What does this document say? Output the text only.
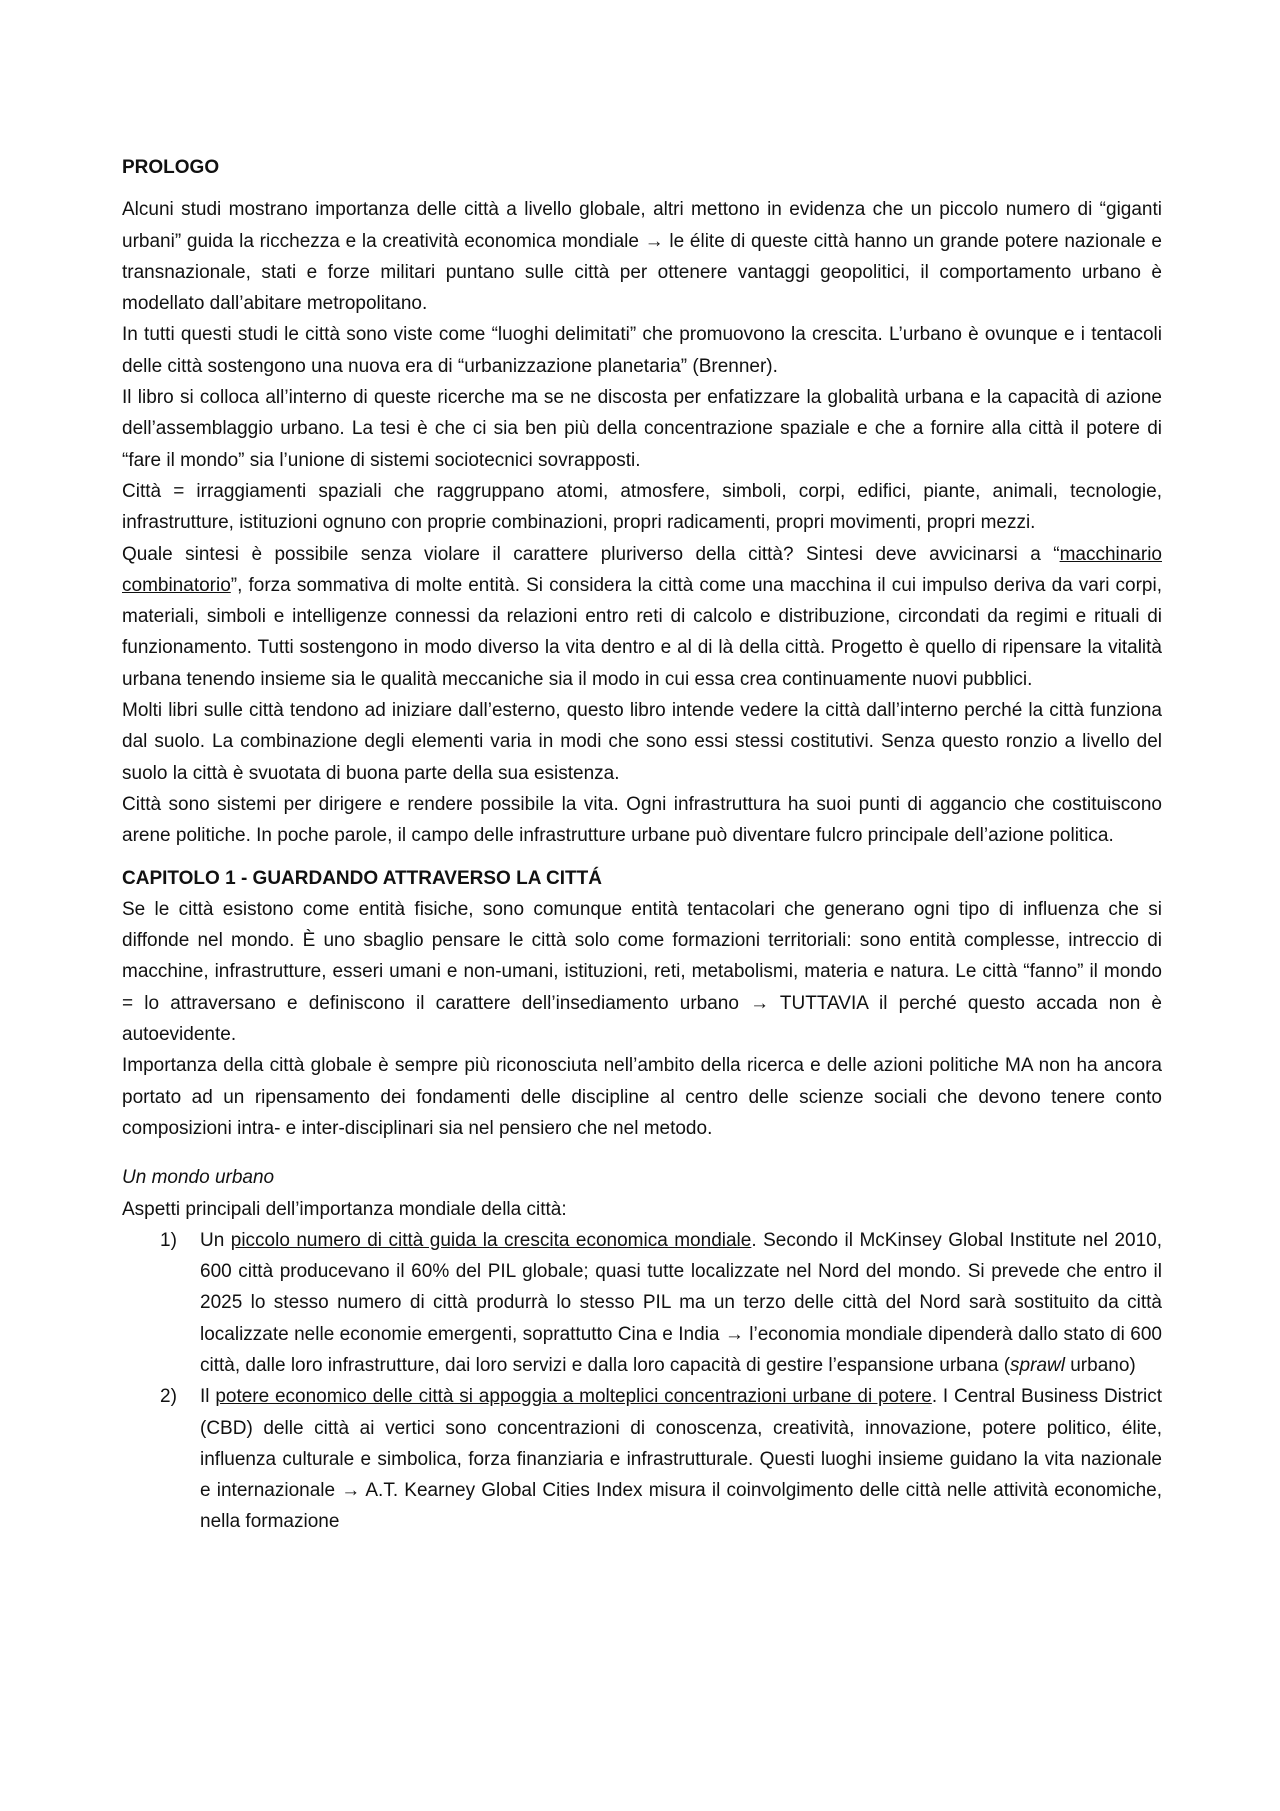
PROLOGO

Alcuni studi mostrano importanza delle città a livello globale, altri mettono in evidenza che un piccolo numero di “giganti urbani” guida la ricchezza e la creatività economica mondiale → le élite di queste città hanno un grande potere nazionale e transnazionale, stati e forze militari puntano sulle città per ottenere vantaggi geopolitici, il comportamento urbano è modellato dall’abitare metropolitano.

In tutti questi studi le città sono viste come “luoghi delimitati” che promuovono la crescita. L’urbano è ovunque e i tentacoli delle città sostengono una nuova era di “urbanizzazione planetaria” (Brenner).

Il libro si colloca all’interno di queste ricerche ma se ne discosta per enfatizzare la globalità urbana e la capacità di azione dell’assemblaggio urbano. La tesi è che ci sia ben più della concentrazione spaziale e che a fornire alla città il potere di “fare il mondo” sia l’unione di sistemi sociotecnici sovrapposti.

Città = irraggiamenti spaziali che raggruppano atomi, atmosfere, simboli, corpi, edifici, piante, animali, tecnologie, infrastrutture, istituzioni ognuno con proprie combinazioni, propri radicamenti, propri movimenti, propri mezzi.

Quale sintesi è possibile senza violare il carattere pluriverso della città? Sintesi deve avvicinarsi a “macchinario combinatorio”, forza sommativa di molte entità. Si considera la città come una macchina il cui impulso deriva da vari corpi, materiali, simboli e intelligenze connessi da relazioni entro reti di calcolo e distribuzione, circondati da regimi e rituali di funzionamento. Tutti sostengono in modo diverso la vita dentro e al di là della città. Progetto è quello di ripensare la vitalità urbana tenendo insieme sia le qualità meccaniche sia il modo in cui essa crea continuamente nuovi pubblici.

Molti libri sulle città tendono ad iniziare dall’esterno, questo libro intende vedere la città dall’interno perché la città funziona dal suolo. La combinazione degli elementi varia in modi che sono essi stessi costitutivi. Senza questo ronzio a livello del suolo la città è svuotata di buona parte della sua esistenza.

Città sono sistemi per dirigere e rendere possibile la vita. Ogni infrastruttura ha suoi punti di aggancio che costituiscono arene politiche. In poche parole, il campo delle infrastrutture urbane può diventare fulcro principale dell’azione politica.

CAPITOLO 1 - GUARDANDO ATTRAVERSO LA CITTÁ

Se le città esistono come entità fisiche, sono comunque entità tentacolari che generano ogni tipo di influenza che si diffonde nel mondo. È uno sbaglio pensare le città solo come formazioni territoriali: sono entità complesse, intreccio di macchine, infrastrutture, esseri umani e non-umani, istituzioni, reti, metabolismi, materia e natura. Le città “fanno” il mondo = lo attraversano e definiscono il carattere dell’insediamento urbano → TUTTAVIA il perché questo accada non è autoevidente.

Importanza della città globale è sempre più riconosciuta nell’ambito della ricerca e delle azioni politiche MA non ha ancora portato ad un ripensamento dei fondamenti delle discipline al centro delle scienze sociali che devono tenere conto composizioni intra- e inter-disciplinari sia nel pensiero che nel metodo.

Un mondo urbano

Aspetti principali dell’importanza mondiale della città:

1) Un piccolo numero di città guida la crescita economica mondiale. Secondo il McKinsey Global Institute nel 2010, 600 città producevano il 60% del PIL globale; quasi tutte localizzate nel Nord del mondo. Si prevede che entro il 2025 lo stesso numero di città produrrà lo stesso PIL ma un terzo delle città del Nord sarà sostituito da città localizzate nelle economie emergenti, soprattutto Cina e India → l’economia mondiale dipenderà dallo stato di 600 città, dalle loro infrastrutture, dai loro servizi e dalla loro capacità di gestire l’espansione urbana (sprawl urbano)
2) Il potere economico delle città si appoggia a molteplici concentrazioni urbane di potere. I Central Business District (CBD) delle città ai vertici sono concentrazioni di conoscenza, creatività, innovazione, potere politico, élite, influenza culturale e simbolica, forza finanziaria e infrastrutturale. Questi luoghi insieme guidano la vita nazionale e internazionale → A.T. Kearney Global Cities Index misura il coinvolgimento delle città nelle attività economiche, nella formazione
